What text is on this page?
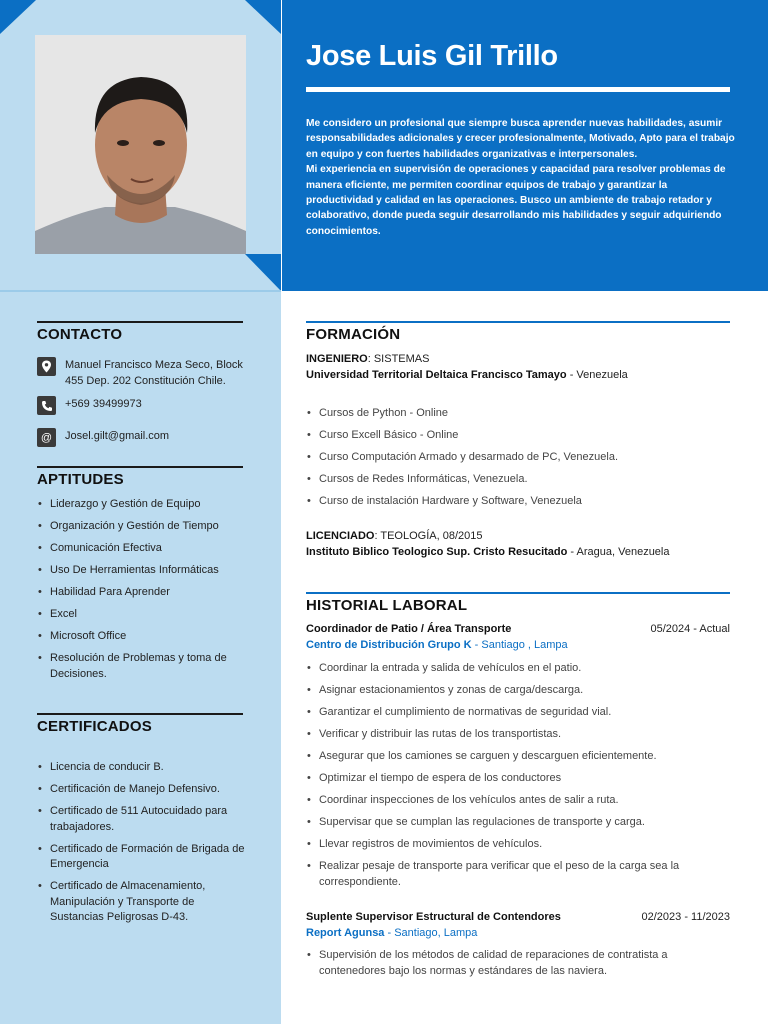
Jose Luis Gil Trillo

Me considero un profesional que siempre busca aprender nuevas habilidades, asumir responsabilidades adicionales y crecer profesionalmente, Motivado, Apto para el trabajo en equipo y con fuertes habilidades organizativas e interpersonales.

Mi experiencia en supervisión de operaciones y capacidad para resolver problemas de manera eficiente, me permiten coordinar equipos de trabajo y garantizar la productividad y calidad en las operaciones. Busco un ambiente de trabajo retador y colaborativo, donde pueda seguir desarrollando mis habilidades y seguir adquiriendo conocimientos.

CONTACTO
Manuel Francisco Meza Seco, Block 455 Dep. 202 Constitución Chile.
+569 39499973
@	Josel.gilt@gmail.com
APTITUDES
• Liderazgo y Gestión de Equipo
• Organización y Gestión de Tiempo
• Comunicación Efectiva
• Uso De Herramientas Informáticas
• Habilidad Para Aprender
• Excel
• Microsoft Office
• Resolución de Problemas y toma de Decisiones.
CERTIFICADOS
• Licencia de conducir B.
• Certificación de Manejo Defensivo.
• Certificado de 511 Autocuidado para trabajadores.
• Certificado de Formación de Brigada de Emergencia
• Certificado de Almacenamiento, Manipulación y Transporte de Sustancias Peligrosas D-43.
FORMACIÓN
INGENIERO: SISTEMAS
Universidad Territorial Deltaica Francisco Tamayo - Venezuela
• Cursos de Python - Online
• Curso Excell Básico - Online
• Curso Computación Armado y desarmado de PC, Venezuela.
• Cursos de Redes Informáticas, Venezuela.
• Curso de instalación Hardware y Software, Venezuela
LICENCIADO: TEOLOGÍA, 08/2015
Instituto Biblico Teologico Sup. Cristo Resucitado - Aragua, Venezuela
HISTORIAL LABORAL
Coordinador de Patio / Área Transporte	05/2024 - Actual
Centro de Distribución Grupo K - Santiago , Lampa
• Coordinar la entrada y salida de vehículos en el patio.
• Asignar estacionamientos y zonas de carga/descarga.
• Garantizar el cumplimiento de normativas de seguridad vial.
• Verificar y distribuir las rutas de los transportistas.
• Asegurar que los camiones se carguen y descarguen eficientemente.
• Optimizar el tiempo de espera de los conductores
• Coordinar inspecciones de los vehículos antes de salir a ruta.
• Supervisar que se cumplan las regulaciones de transporte y carga.
• Llevar registros de movimientos de vehículos.
• Realizar pesaje de transporte para verificar que el peso de la carga sea la correspondiente.
Suplente Supervisor Estructural de Contendores	02/2023 - 11/2023
Report Agunsa - Santiago, Lampa
• Supervisión de los métodos de calidad de reparaciones de contratista a contenedores bajo los normas y estándares de las naviera.
